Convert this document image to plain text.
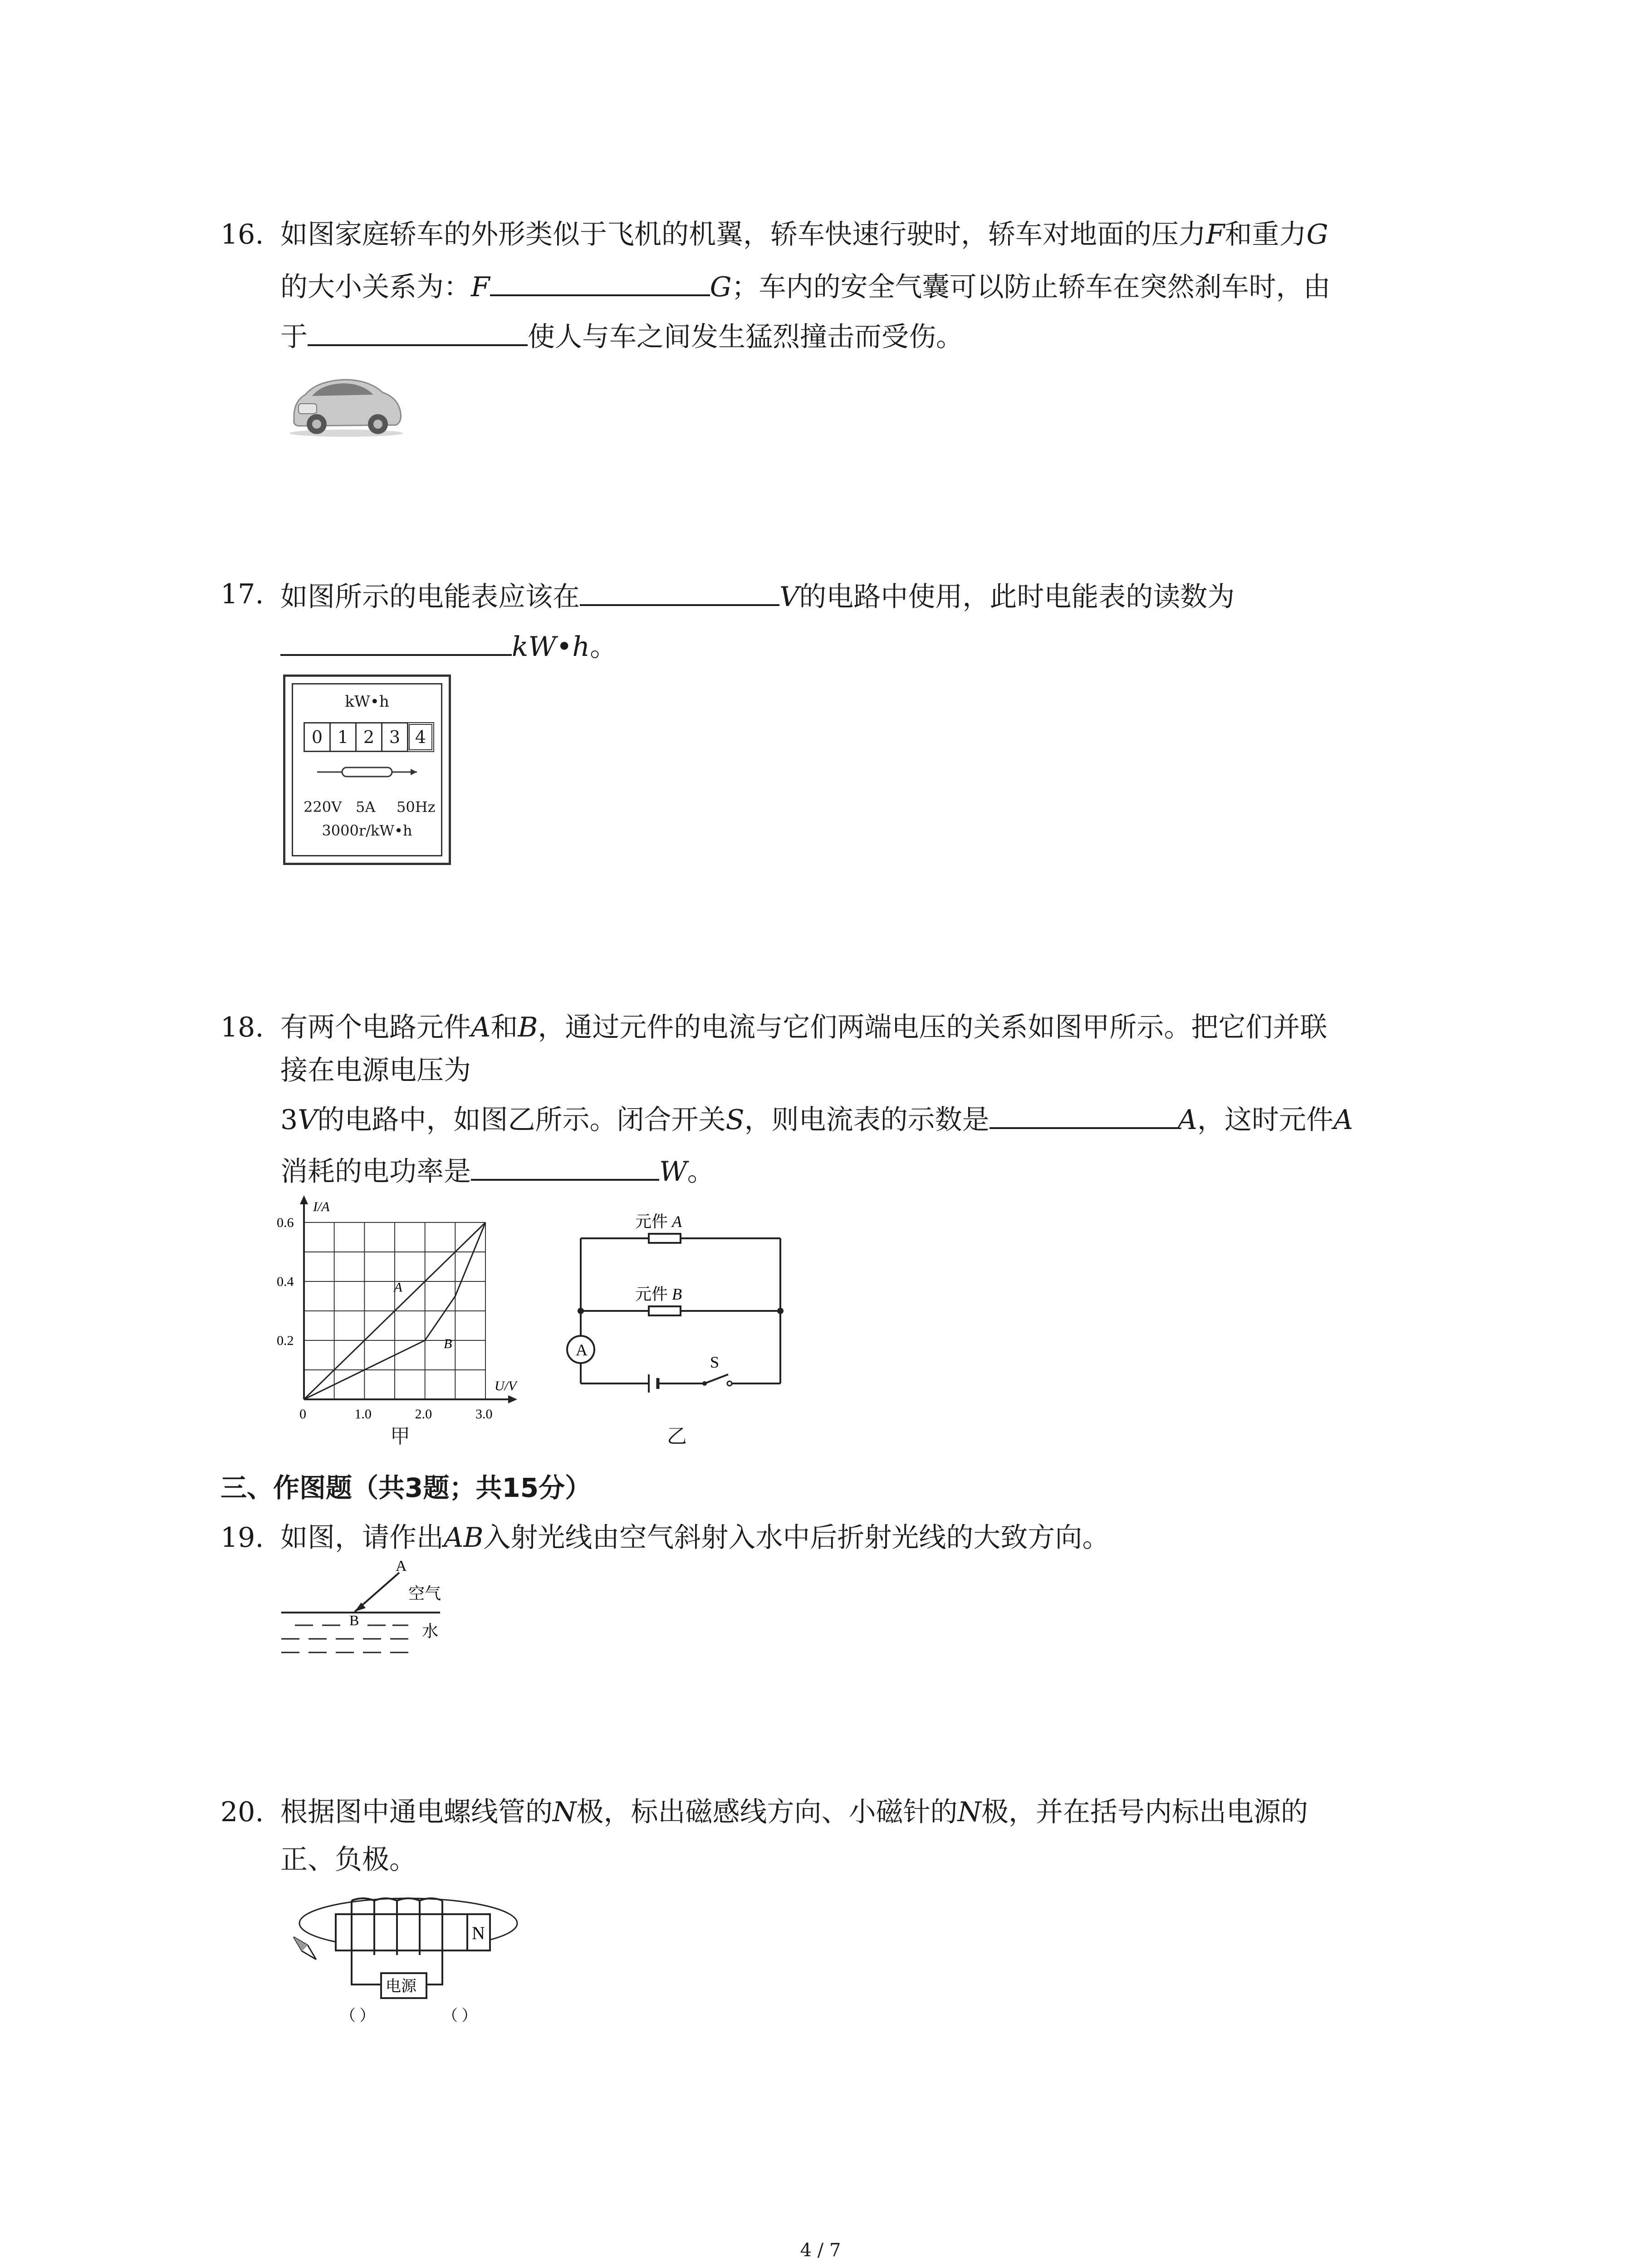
16. 如图家庭轿车的外形类似于飞机的机翼，轿车快速行驶时，轿车对地面的压力F和重力G
的大小关系为：F	G；车内的安全气囊可以防止轿车在突然刹车时，由
于	使人与车之间发生猛烈撞击而受伤。
17. 如图所示的电能表应该在	V的电路中使用，此时电能表的读数为
kW•h。
kW•h
0 1 2 3 4
220V 5A 50Hz
3000r/kW•h
18. 有两个电路元件A和B，通过元件的电流与它们两端电压的关系如图甲所示。把它们并联
接在电源电压为
3V的电路中，如图乙所示。闭合开关S，则电流表的示数是	A，这时元件A
消耗的电功率是	W。
A
B
1.0	2.0	3.0
0.2
0.4
0.6
0
U/V
I/A
甲
元件 A
元件 B
A
S
乙
三、作图题（共3题；共15分）
19. 如图，请作出AB入射光线由空气斜射入水中后折射光线的大致方向。
A
B
空气
水
20. 根据图中通电螺线管的N极，标出磁感线方向、小磁针的N极，并在括号内标出电源的
正、负极。
N
电源
（ ）	（ ）
4 / 7
